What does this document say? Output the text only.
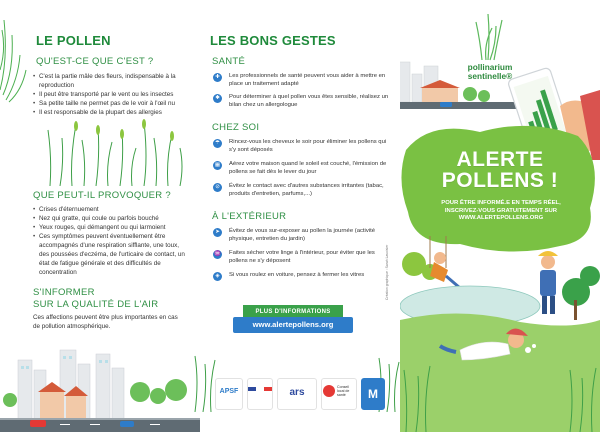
LE POLLEN
QU'EST-CE QUE C'EST ?
• C'est la partie mâle des fleurs, indispensable à la reproduction
• Il peut être transporté par le vent ou les insectes
• Sa petite taille ne permet pas de le voir à l'œil nu
• Il est responsable de la plupart des allergies
QUE PEUT-IL PROVOQUER ?
• Crises d'éternuement
• Nez qui gratte, qui coule ou parfois bouché
• Yeux rouges, qui démangent ou qui larmoient
• Ces symptômes peuvent éventuellement être accompagnés d'une respiration sifflante, une toux, des poussées d'eczéma, de l'urticaire de contact, un état de fatigue générale et des difficultés de concentration
S'INFORMER
SUR LA QUALITÉ DE L'AIR
Ces affections peuvent être plus importantes en cas de pollution atmosphérique.
LES BONS GESTES
SANTÉ
✚	Les professionnels de santé peuvent vous aider à mettre en place un traitement adapté
✱	Pour déterminer à quel pollen vous êtes sensible, réalisez un bilan chez un allergologue
CHEZ SOI
☂	Rincez-vous les cheveux le soir pour éliminer les pollens qui s'y sont déposés
▦	Aérez votre maison quand le soleil est couché, l'émission de pollens se fait dès le lever du jour
⊘	Évitez le contact avec d'autres substances irritantes (tabac, produits d'entretien, parfums,...)
À L'EXTÉRIEUR
➤	Évitez de vous sur-exposer au pollen la journée (activité physique, entretien du jardin)
♒ Faites sécher votre linge à l'intérieur, pour éviter que les pollens ne s'y déposent
◈	Si vous roulez en voiture, pensez à fermer les vitres
PLUS D'INFORMATIONS
www.alertepollens.org
APSF	ars	Conseil local de santé	M
pollinarium
sentinelle®
ALERTE
POLLENS !
POUR ÊTRE INFORMÉ.E EN TEMPS RÉEL,
INSCRIVEZ-VOUS GRATUITEMENT SUR
WWW.ALERTEPOLLENS.ORG
Création graphique : Sarah Lavoisier
